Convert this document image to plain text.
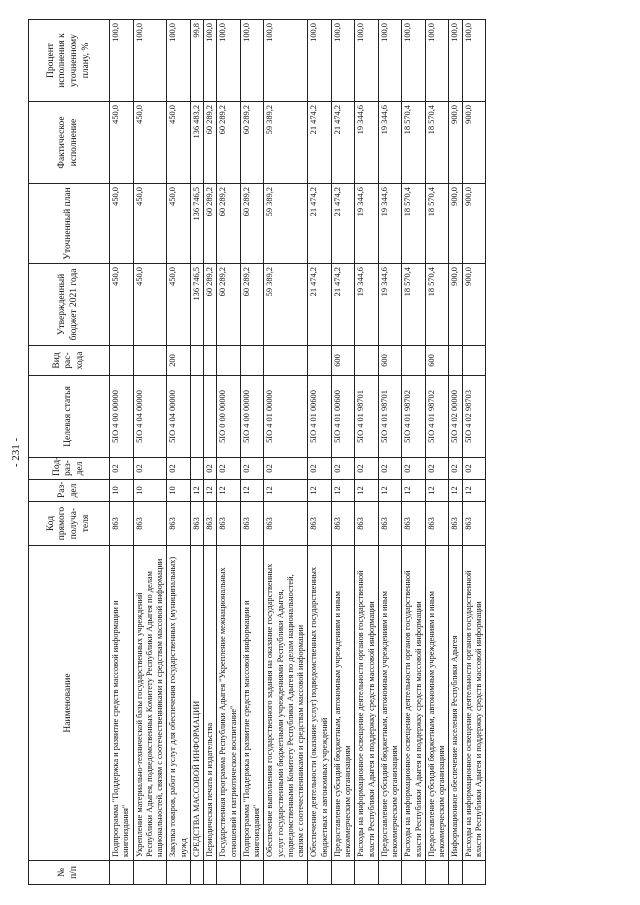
- 231 -
№ п/п	Наименование	Код прямого получа-теля	Раз-дел	Под-раз-дел	Целевая статья	Вид рас-хода	Утвержденный бюджет 2021 года	Уточненный план	Фактическое исполнение	Процент исполнения к уточненному плану, %
	Подпрограмма "Поддержка и развитие средств массовой информации и книгоиздания"	863	10	02	5IO 4 00 00000		450,0	450,0	450,0	100,0
	Укрепление материально-технической базы государственных учреждений Республики Адыгея, подведомственных Комитету Республики Адыгея по делам национальностей, связям с соотечественниками и средствам массовой информации	863	10	02	5IO 4 04 00000		450,0	450,0	450,0	100,0
	Закупка товаров, работ и услуг для обеспечения государственных (муниципальных) нужд	863	10	02	5IO 4 04 00000	200	450,0	450,0	450,0	100,0
	СРЕДСТВА МАССОВОЙ ИНФОРМАЦИИ	863	12				136 746,5	136 746,5	136 483,2	99,8
	Периодическая печать и издательства	863	12	02			60 289,2	60 289,2	60 289,2	100,0
	Государственная программа Республики Адыгея "Укрепление межнациональных отношений и патриотическое воспитание"	863	12	02	5IO 0 00 00000		60 289,2	60 289,2	60 289,2	100,0
	Подпрограмма "Поддержка и развитие средств массовой информации и книгоиздания"	863	12	02	5IO 4 00 00000		60 289,2	60 289,2	60 289,2	100,0
	Обеспечение выполнения государственного задания на оказание государственных услуг государственными бюджетными учреждениями Республики Адыгея, подведомственными Комитету Республики Адыгея по делам национальностей, связям с соотечественниками и средствам массовой информации	863	12	02	5IO 4 01 00000		59 389,2	59 389,2	59 389,2	100,0
	Обеспечение деятельности (оказание услуг) подведомственных государственных бюджетных и автономных учреждений	863	12	02	5IO 4 01 00600		21 474,2	21 474,2	21 474,2	100,0
	Предоставление субсидий бюджетным, автономным учреждениям и иным некоммерческим организациям	863	12	02	5IO 4 01 00600	600	21 474,2	21 474,2	21 474,2	100,0
	Расходы на информационное освещение деятельности органов государственной власти Республики Адыгея и поддержку средств массовой информации	863	12	02	5IO 4 01 98701		19 344,6	19 344,6	19 344,6	100,0
	Предоставление субсидий бюджетным, автономным учреждениям и иным некоммерческим организациям	863	12	02	5IO 4 01 98701	600	19 344,6	19 344,6	19 344,6	100,0
	Расходы на информационное освещение деятельности органов государственной власти Республики Адыгея и поддержку средств массовой информации	863	12	02	5IO 4 01 98702		18 570,4	18 570,4	18 570,4	100,0
	Предоставление субсидий бюджетным, автономным учреждениям и иным некоммерческим организациям	863	12	02	5IO 4 01 98702	600	18 570,4	18 570,4	18 570,4	100,0
	Информационное обеспечение населения Республики Адыгея	863	12	02	5IO 4 02 00000		900,0	900,0	900,0	100,0
	Расходы на информационное освещение деятельности органов государственной власти Республики Адыгея и поддержку средств массовой информации	863	12	02	5IO 4 02 98703		900,0	900,0	900,0	100,0
